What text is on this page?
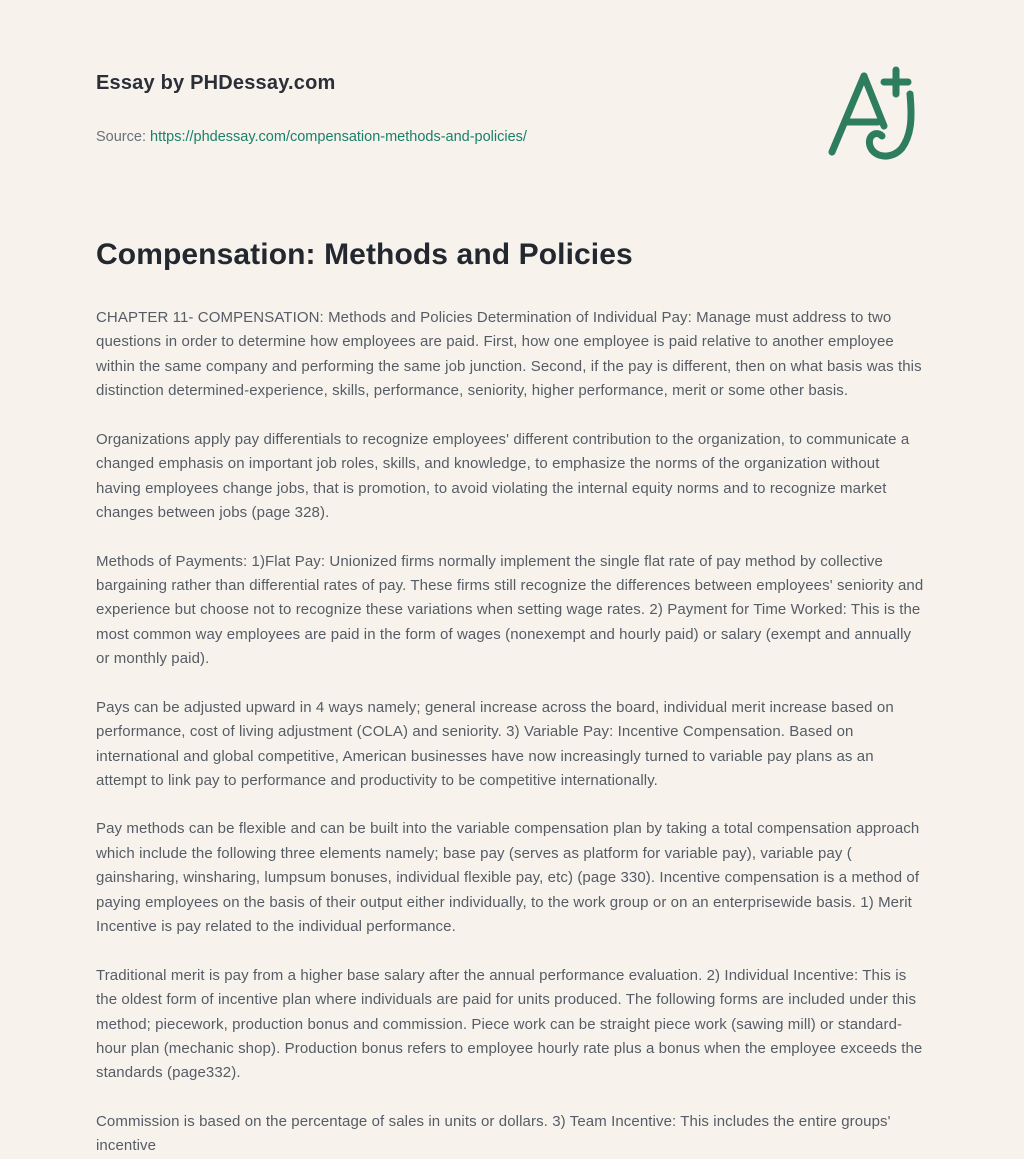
Essay by PHDessay.com
Source: https://phdessay.com/compensation-methods-and-policies/
Compensation: Methods and Policies

CHAPTER 11- COMPENSATION: Methods and Policies Determination of Individual Pay: Manage must address to two questions in order to determine how employees are paid. First, how one employee is paid relative to another employee within the same company and performing the same job junction. Second, if the pay is different, then on what basis was this distinction determined-experience, skills, performance, seniority, higher performance, merit or some other basis.

Organizations apply pay differentials to recognize employees' different contribution to the organization, to communicate a changed emphasis on important job roles, skills, and knowledge, to emphasize the norms of the organization without having employees change jobs, that is promotion, to avoid violating the internal equity norms and to recognize market changes between jobs (page 328).

Methods of Payments: 1)Flat Pay: Unionized firms normally implement the single flat rate of pay method by collective bargaining rather than differential rates of pay. These firms still recognize the differences between employees' seniority and experience but choose not to recognize these variations when setting wage rates. 2) Payment for Time Worked: This is the most common way employees are paid in the form of wages (nonexempt and hourly paid) or salary (exempt and annually or monthly paid).

Pays can be adjusted upward in 4 ways namely; general increase across the board, individual merit increase based on performance, cost of living adjustment (COLA) and seniority. 3) Variable Pay: Incentive Compensation. Based on international and global competitive, American businesses have now increasingly turned to variable pay plans as an attempt to link pay to performance and productivity to be competitive internationally.

Pay methods can be flexible and can be built into the variable compensation plan by taking a total compensation approach which include the following three elements namely; base pay (serves as platform for variable pay), variable pay ( gainsharing, winsharing, lumpsum bonuses, individual flexible pay, etc) (page 330). Incentive compensation is a method of paying employees on the basis of their output either individually, to the work group or on an enterprisewide basis. 1) Merit Incentive is pay related to the individual performance.

Traditional merit is pay from a higher base salary after the annual performance evaluation. 2) Individual Incentive: This is the oldest form of incentive plan where individuals are paid for units produced. The following forms are included under this method; piecework, production bonus and commission. Piece work can be straight piece work (sawing mill) or standard-hour plan (mechanic shop). Production bonus refers to employee hourly rate plus a bonus when the employee exceeds the standards (page332).

Commission is based on the percentage of sales in units or dollars. 3) Team Incentive: This includes the entire groups' incentive
